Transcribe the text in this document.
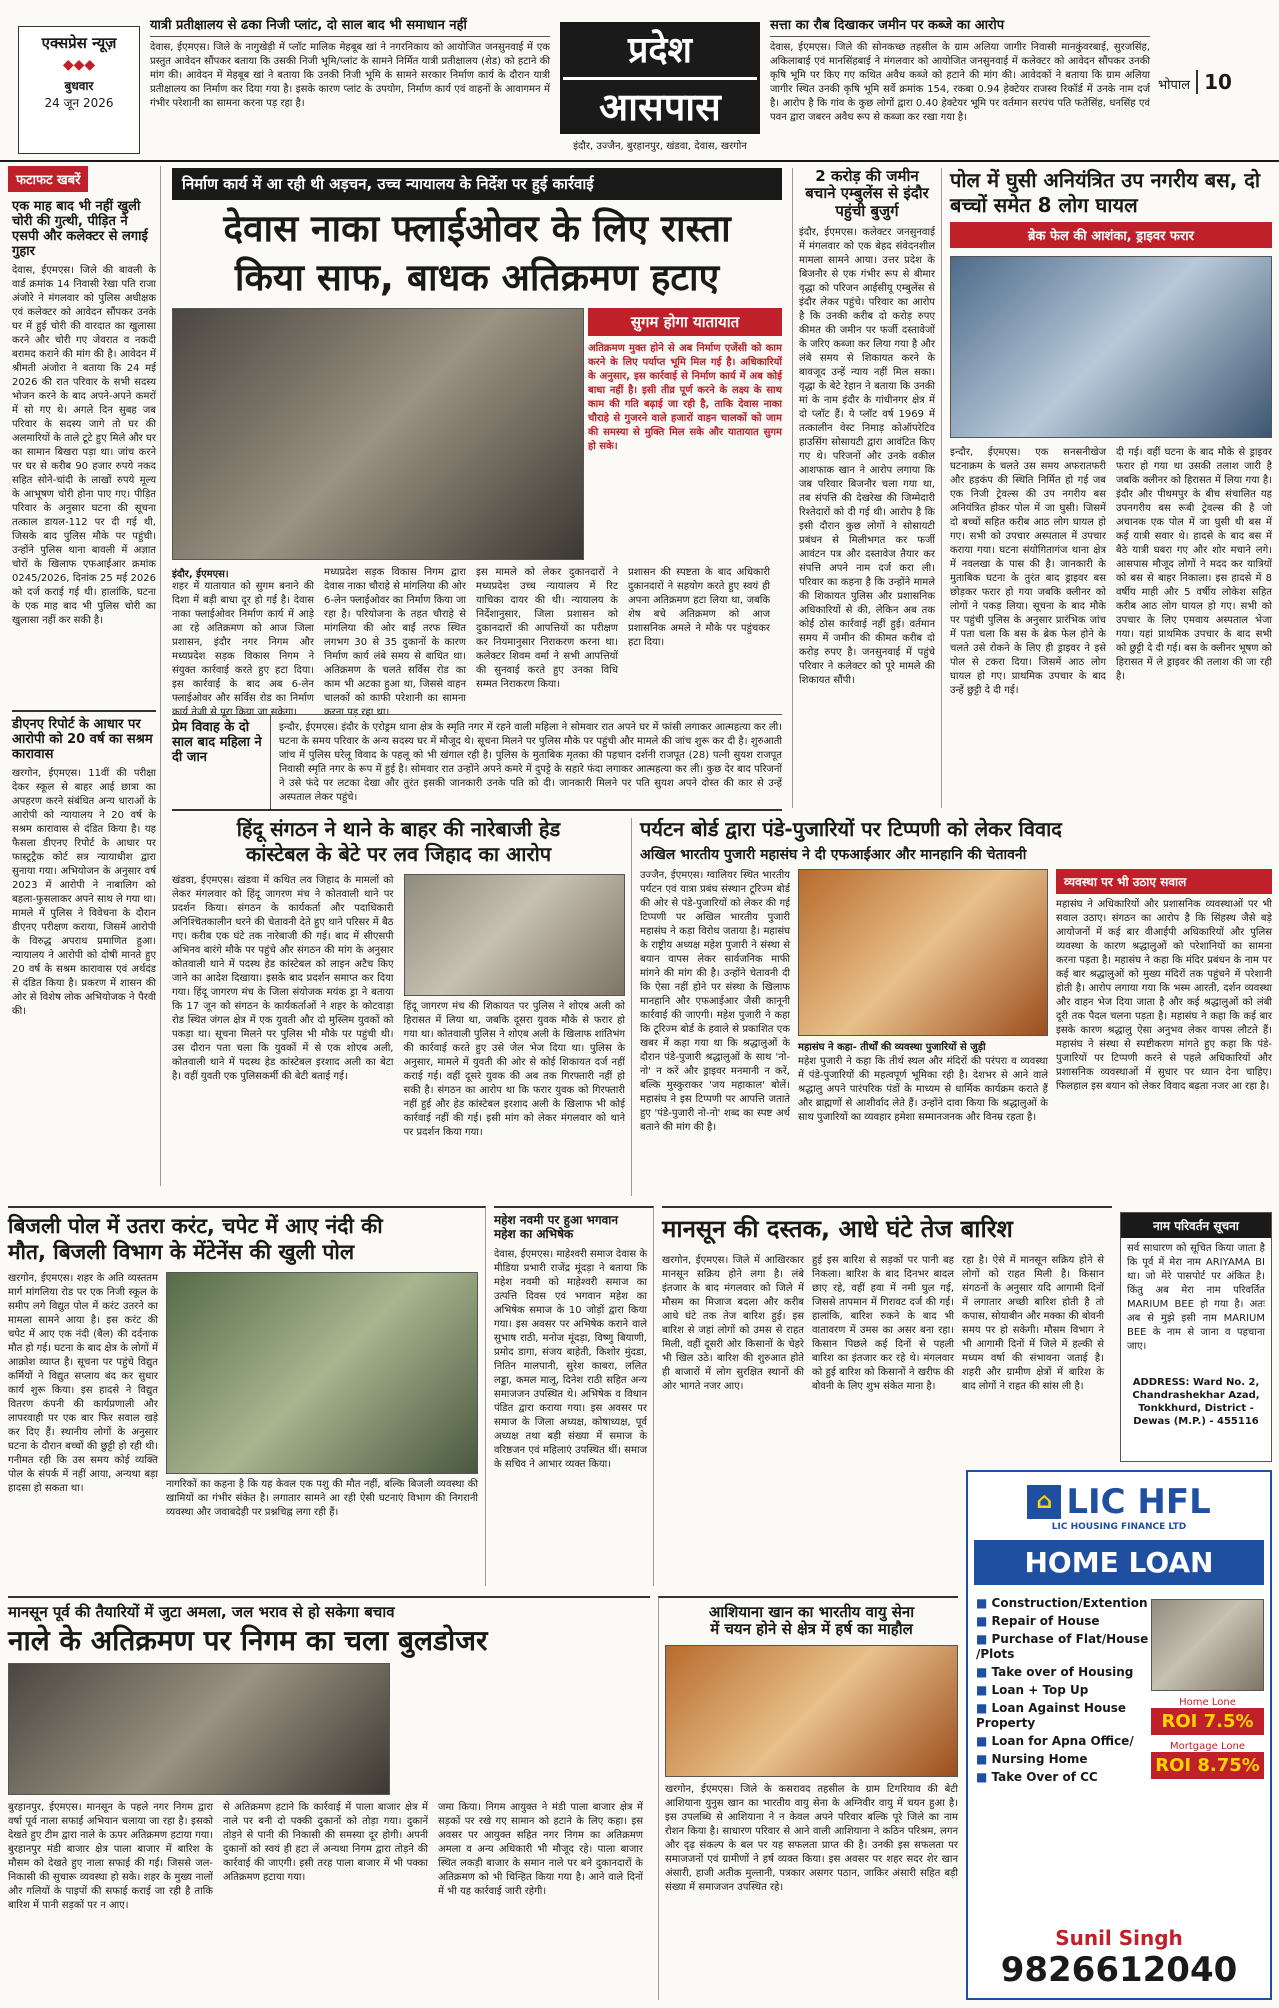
एक्सप्रेस न्यूज़
◆◆◆
बुधवार
24 जून 2026
यात्री प्रतीक्षालय से ढका निजी प्लांट, दो साल बाद भी समाधान नहीं
देवास, ईएमएस। जिले के नागुखेड़ी में प्लॉट मालिक मेहबूब खां ने नगरनिकाय को आयोजित जनसुनवाई में एक प्रस्तुत आवेदन सौंपकर बताया कि उसकी निजी भूमि/प्लांट के सामने निर्मित यात्री प्रतीक्षालय (शेड) को हटाने की मांग की। आवेदन में मेहबूब खां ने बताया कि उनकी निजी भूमि के सामने सरकार निर्माण कार्य के दौरान यात्री प्रतीक्षालय का निर्माण कर दिया गया है। इसके कारण प्लांट के उपयोग, निर्माण कार्य एवं वाहनों के आवागमन में गंभीर परेशानी का सामना करना पड़ रहा है।
प्रदेश
आसपास
इंदौर, उज्जैन, बुरहानपुर, खंडवा, देवास, खरगोन
सत्ता का रौब दिखाकर जमीन पर कब्जे का आरोप
देवास, ईएमएस। जिले की सोनकच्छ तहसील के ग्राम अलिया जागीर निवासी मानकुंवरबाई, सुरजसिंह, अकिलाबाई एवं मानसिंहबाई ने मंगलवार को आयोजित जनसुनवाई में कलेक्टर को आवेदन सौंपकर उनकी कृषि भूमि पर किए गए कथित अवैध कब्जे को हटाने की मांग की। आवेदकों ने बताया कि ग्राम अलिया जागीर स्थित उनकी कृषि भूमि सर्वे क्रमांक 154, रकबा 0.94 हेक्टेयर राजस्व रिकॉर्ड में उनके नाम दर्ज है। आरोप है कि गांव के कुछ लोगों द्वारा 0.40 हेक्टेयर भूमि पर वर्तमान सरपंच पति फतेसिंह, धनसिंह एवं पवन द्वारा जबरन अवैध रूप से कब्जा कर रखा गया है।
भोपाल 10
फटाफट खबरें
एक माह बाद भी नहीं खुली चोरी की गुत्थी, पीड़ित ने एसपी और कलेक्टर से लगाई गुहार
देवास, ईएमएस। जिले की बावली के वार्ड क्रमांक 14 निवासी रेखा पति राजा अंजोरे ने मंगलवार को पुलिस अधीक्षक एवं कलेक्टर को आवेदन सौंपकर उनके घर में हुई चोरी की वारदात का खुलासा करने और चोरी गए जेवरात व नकदी बरामद कराने की मांग की है। आवेदन में श्रीमती अंजोरा ने बताया कि 24 मई 2026 की रात परिवार के सभी सदस्य भोजन करने के बाद अपने-अपने कमरों में सो गए थे। अगले दिन सुबह जब परिवार के सदस्य जागे तो घर की अलमारियों के ताले टूटे हुए मिले और घर का सामान बिखरा पड़ा था। जांच करने पर घर से करीब 90 हजार रुपये नकद सहित सोने-चांदी के लाखों रुपये मूल्य के आभूषण चोरी होना पाए गए। पीड़ित परिवार के अनुसार घटना की सूचना तत्काल डायल-112 पर दी गई थी, जिसके बाद पुलिस मौके पर पहुंची। उन्होंने पुलिस थाना बावली में अज्ञात चोरों के खिलाफ एफआईआर क्रमांक 0245/2026, दिनांक 25 मई 2026 को दर्ज कराई गई थी। हालांकि, घटना के एक माह बाद भी पुलिस चोरी का खुलासा नहीं कर सकी है।
डीएनए रिपोर्ट के आधार पर आरोपी को 20 वर्ष का सश्रम कारावास
खरगोन, ईएमएस। 11वीं की परीक्षा देकर स्कूल से बाहर आई छात्रा का अपहरण करने संबंधित अन्य धाराओं के आरोपी को न्यायालय ने 20 वर्ष के सश्रम कारावास से दंडित किया है। यह फैसला डीएनए रिपोर्ट के आधार पर फास्ट्रट्रैक कोर्ट सत्र न्यायाधीश द्वारा सुनाया गया। अभियोजन के अनुसार वर्ष 2023 में आरोपी ने नाबालिग को बहला-फुसलाकर अपने साथ ले गया था। मामले में पुलिस ने विवेचना के दौरान डीएनए परीक्षण कराया, जिसमें आरोपी के विरुद्ध अपराध प्रमाणित हुआ। न्यायालय ने आरोपी को दोषी मानते हुए 20 वर्ष के सश्रम कारावास एवं अर्थदंड से दंडित किया है। प्रकरण में शासन की ओर से विशेष लोक अभियोजक ने पैरवी की।
निर्माण कार्य में आ रही थी अड़चन, उच्च न्यायालय के निर्देश पर हुई कार्रवाई
देवास नाका फ्लाईओवर के लिए रास्ता
किया साफ, बाधक अतिक्रमण हटाए
सुगम होगा यातायात
अतिक्रमण मुक्त होने से अब निर्माण एजेंसी को काम करने के लिए पर्याप्त भूमि मिल गई है। अधिकारियों के अनुसार, इस कार्रवाई से निर्माण कार्य में अब कोई बाधा नहीं है। इसी तीव्र पूर्ण करने के लक्ष्य के साथ काम की गति बढ़ाई जा रही है, ताकि देवास नाका चौराहे से गुजरने वाले हजारों वाहन चालकों को जाम की समस्या से मुक्ति मिल सके और यातायात सुगम हो सके।
इंदौर, ईएमएस।
शहर में यातायात को सुगम बनाने की दिशा में बड़ी बाधा दूर हो गई है। देवास नाका फ्लाईओवर निर्माण कार्य में आड़े आ रहे अतिक्रमण को आज जिला प्रशासन, इंदौर नगर निगम और मध्यप्रदेश सड़क विकास निगम ने संयुक्त कार्रवाई करते हुए हटा दिया। इस कार्रवाई के बाद अब 6-लेन फ्लाईओवर और सर्विस रोड का निर्माण कार्य तेजी से पूरा किया जा सकेगा।
मध्यप्रदेश सड़क विकास निगम द्वारा देवास नाका चौराहे से मांगलिया की ओर 6-लेन फ्लाईओवर का निर्माण किया जा रहा है। परियोजना के तहत चौराहे से मांगलिया की ओर बाईं तरफ स्थित लगभग 30 से 35 दुकानों के कारण निर्माण कार्य लंबे समय से बाधित था। अतिक्रमण के चलते सर्विस रोड का काम भी अटका हुआ था, जिससे वाहन चालकों को काफी परेशानी का सामना करना पड़ रहा था।
इस मामले को लेकर दुकानदारों ने मध्यप्रदेश उच्च न्यायालय में रिट याचिका दायर की थी। न्यायालय के निर्देशानुसार, जिला प्रशासन को दुकानदारों की आपत्तियों का परीक्षण कर नियमानुसार निराकरण करना था। कलेक्टर शिवम वर्मा ने सभी आपत्तियों की सुनवाई करते हुए उनका विधि सम्मत निराकरण किया।
प्रशासन की स्पष्टता के बाद अधिकारी दुकानदारों ने सहयोग करते हुए स्वयं ही अपना अतिक्रमण हटा लिया था, जबकि शेष बचे अतिक्रमण को आज प्रशासनिक अमले ने मौके पर पहुंचकर हटा दिया।
प्रेम विवाह के दो साल बाद महिला ने दी जान
इन्दौर, ईएमएस। इंदौर के एरोड्रम थाना क्षेत्र के स्मृति नगर में रहने वाली महिला ने सोमवार रात अपने घर में फांसी लगाकर आत्महत्या कर ली। घटना के समय परिवार के अन्य सदस्य घर में मौजूद थे। सूचना मिलने पर पुलिस मौके पर पहुंची और मामले की जांच शुरू कर दी है। शुरुआती जांच में पुलिस घरेलू विवाद के पहलू को भी खंगाल रही है। पुलिस के मुताबिक मृतका की पहचान दर्शनी राजपूत (28) पत्नी सुयश राजपूत निवासी स्मृति नगर के रूप में हुई है। सोमवार रात उन्होंने अपने कमरे में दुपट्टे के सहारे फंदा लगाकर आत्महत्या कर ली। कुछ देर बाद परिजनों ने उसे फंदे पर लटका देखा और तुरंत इसकी जानकारी उनके पति को दी। जानकारी मिलने पर पति सुयश अपने दोस्त की कार से उन्हें अस्पताल लेकर पहुंचे।
2 करोड़ की जमीन बचाने एम्बुलेंस से इंदौर पहुंची बुजुर्ग
इंदौर, ईएमएस। कलेक्टर जनसुनवाई में मंगलवार को एक बेहद संवेदनशील मामला सामने आया। उत्तर प्रदेश के बिजनौर से एक गंभीर रूप से बीमार वृद्धा को परिजन आईसीयू एम्बुलेंस से इंदौर लेकर पहुंचे। परिवार का आरोप है कि उनकी करीब दो करोड़ रुपए कीमत की जमीन पर फर्जी दस्तावेजों के जरिए कब्जा कर लिया गया है और लंबे समय से शिकायत करने के बावजूद उन्हें न्याय नहीं मिल सका। वृद्धा के बेटे रेहान ने बताया कि उनकी मां के नाम इंदौर के गांधीनगर क्षेत्र में दो प्लॉट हैं। ये प्लॉट वर्ष 1969 में तत्कालीन वेस्ट निमाड़ कोऑपरेटिव हाउसिंग सोसायटी द्वारा आवंटित किए गए थे। परिजनों और उनके वकील आशफाक खान ने आरोप लगाया कि जब परिवार बिजनौर चला गया था, तब संपत्ति की देखरेख की जिम्मेदारी रिश्तेदारों को दी गई थी। आरोप है कि इसी दौरान कुछ लोगों ने सोसायटी प्रबंधन से मिलीभगत कर फर्जी आवंटन पत्र और दस्तावेज तैयार कर संपत्ति अपने नाम दर्ज करा ली। परिवार का कहना है कि उन्होंने मामले की शिकायत पुलिस और प्रशासनिक अधिकारियों से की, लेकिन अब तक कोई ठोस कार्रवाई नहीं हुई। वर्तमान समय में जमीन की कीमत करीब दो करोड़ रुपए है। जनसुनवाई में पहुंचे परिवार ने कलेक्टर को पूरे मामले की शिकायत सौंपी।
पोल में घुसी अनियंत्रित उप नगरीय बस, दो बच्चों समेत 8 लोग घायल
ब्रेक फेल की आशंका, ड्राइवर फरार
इन्दौर, ईएमएस। एक सनसनीखेज घटनाक्रम के चलते उस समय अफरातफरी और हड़कंप की स्थिति निर्मित हो गई जब एक निजी ट्रेवल्स की उप नगरीय बस अनियंत्रित होकर पोल में जा घुसी। जिसमें दो बच्चों सहित करीब आठ लोग घायल हो गए। सभी को उपचार अस्पताल में उपचार कराया गया। घटना संयोगितागंज थाना क्षेत्र में नवलखा के पास की है। जानकारी के मुताबिक घटना के तुरंत बाद ड्राइवर बस छोड़कर फरार हो गया जबकि क्लीनर को लोगों ने पकड़ लिया। सूचना के बाद मौके पर पहुंची पुलिस के अनुसार प्रारंभिक जांच में पता चला कि बस के ब्रेक फेल होने के चलते उसे रोकने के लिए ही ड्राइवर ने इसे पोल से टकरा दिया। जिसमें आठ लोग घायल हो गए। प्राथमिक उपचार के बाद उन्हें छुट्टी दे दी गई।
दी गई। वहीं घटना के बाद मौके से ड्राइवर फरार हो गया था उसकी तलाश जारी है जबकि क्लीनर को हिरासत में लिया गया है। इंदौर और पीथमपुर के बीच संचालित यह उपनगरीय बस रूबी ट्रेवल्स की है जो अचानक एक पोल में जा घुसी थी बस में कई यात्री सवार थे। हादसे के बाद बस में बैठे यात्री घबरा गए और शोर मचाने लगे। आसपास मौजूद लोगों ने मदद कर यात्रियों को बस से बाहर निकाला। इस हादसे में 8 वर्षीय माही और 5 वर्षीय लोकेश सहित करीब आठ लोग घायल हो गए। सभी को उपचार के लिए एमवाय अस्पताल भेजा गया। यहां प्राथमिक उपचार के बाद सभी को छुट्टी दे दी गई। बस के क्लीनर भूषण को हिरासत में ले ड्राइवर की तलाश की जा रही है।
हिंदू संगठन ने थाने के बाहर की नारेबाजी हेड
कांस्टेबल के बेटे पर लव जिहाद का आरोप
खंडवा, ईएमएस। खंडवा में कथित लव जिहाद के मामलों को लेकर मंगलवार को हिंदू जागरण मंच ने कोतवाली थाने पर प्रदर्शन किया। संगठन के कार्यकर्ता और पदाधिकारी अनिश्चितकालीन धरने की चेतावनी देते हुए थाने परिसर में बैठ गए। करीब एक घंटे तक नारेबाजी की गई। बाद में सीएसपी अभिनव बारंगे मौके पर पहुंचे और संगठन की मांग के अनुसार कोतवाली थाने में पदस्थ हेड कांस्टेबल को लाइन अटैच किए जाने का आदेश दिखाया। इसके बाद प्रदर्शन समाप्त कर दिया गया। हिंदू जागरण मंच के जिला संयोजक मयंक ड्रा ने बताया कि 17 जून को संगठन के कार्यकर्ताओं ने शहर के कोटवाड़ा रोड स्थित जंगल क्षेत्र में एक युवती और दो मुस्लिम युवकों को पकड़ा था। सूचना मिलने पर पुलिस भी मौके पर पहुंची थी। उस दौरान पता चला कि युवकों में से एक शोएब अली, कोतवाली थाने में पदस्थ हेड कांस्टेबल इरशाद अली का बेटा है। वहीं युवती एक पुलिसकर्मी की बेटी बताई गई।
हिंदू जागरण मंच की शिकायत पर पुलिस ने शोएब अली को हिरासत में लिया था, जबकि दूसरा युवक मौके से फरार हो गया था। कोतवाली पुलिस ने शोएब अली के खिलाफ शांतिभंग की कार्रवाई करते हुए उसे जेल भेज दिया था। पुलिस के अनुसार, मामले में युवती की ओर से कोई शिकायत दर्ज नहीं कराई गई। वहीं दूसरे युवक की अब तक गिरफ्तारी नहीं हो सकी है। संगठन का आरोप था कि फरार युवक को गिरफ्तारी नहीं हुई और हेड कांस्टेबल इरशाद अली के खिलाफ भी कोई कार्रवाई नहीं की गई। इसी मांग को लेकर मंगलवार को थाने पर प्रदर्शन किया गया।
पर्यटन बोर्ड द्वारा पंडे-पुजारियों पर टिप्पणी को लेकर विवाद
अखिल भारतीय पुजारी महासंघ ने दी एफआईआर और मानहानि की चेतावनी
उज्जैन, ईएमएस। ग्वालियर स्थित भारतीय पर्यटन एवं यात्रा प्रबंध संस्थान टूरिज्म बोर्ड की ओर से पंडे-पुजारियों को लेकर की गई टिप्पणी पर अखिल भारतीय पुजारी महासंघ ने कड़ा विरोध जताया है। महासंघ के राष्ट्रीय अध्यक्ष महेश पुजारी ने संस्था से बयान वापस लेकर सार्वजनिक माफी मांगने की मांग की है। उन्होंने चेतावनी दी कि ऐसा नहीं होने पर संस्था के खिलाफ मानहानि और एफआईआर जैसी कानूनी कार्रवाई की जाएगी। महेश पुजारी ने कहा कि टूरिज्म बोर्ड के हवाले से प्रकाशित एक खबर में कहा गया था कि श्रद्धालुओं के दौरान पंडे-पुजारी श्रद्धालुओं के साथ 'नो-नो' न करें और ड्राइवर मनमानी न करें, बल्कि मुस्कुराकर 'जय महाकाल' बोलें। महासंघ ने इस टिप्पणी पर आपत्ति जताते हुए 'पंडे-पुजारी नो-नो' शब्द का स्पष्ट अर्थ बताने की मांग की है।
महासंघ ने कहा- तीर्थों की व्यवस्था पुजारियों से जुड़ी
महेश पुजारी ने कहा कि तीर्थ स्थल और मंदिरों की परंपरा व व्यवस्था में पंडे-पुजारियों की महत्वपूर्ण भूमिका रही है। देशभर से आने वाले श्रद्धालु अपने पारंपरिक पंडों के माध्यम से धार्मिक कार्यक्रम कराते हैं और ब्राह्मणों से आशीर्वाद लेते हैं। उन्होंने दावा किया कि श्रद्धालुओं के साथ पुजारियों का व्यवहार हमेशा सम्मानजनक और विनम्र रहता है।
व्यवस्था पर भी उठाए सवाल
महासंघ ने अधिकारियों और प्रशासनिक व्यवस्थाओं पर भी सवाल उठाए। संगठन का आरोप है कि सिंहस्थ जैसे बड़े आयोजनों में कई बार वीआईपी अधिकारियों और पुलिस व्यवस्था के कारण श्रद्धालुओं को परेशानियों का सामना करना पड़ता है। महासंघ ने कहा कि मंदिर प्रबंधन के नाम पर कई बार श्रद्धालुओं को मुख्य मंदिरों तक पहुंचने में परेशानी होती है। आरोप लगाया गया कि भस्म आरती, दर्शन व्यवस्था और वाहन भेज दिया जाता है और कई श्रद्धालुओं को लंबी दूरी तक पैदल चलना पड़ता है। महासंघ ने कहा कि कई बार इसके कारण श्रद्धालु ऐसा अनुभव लेकर वापस लौटते हैं। महासंघ ने संस्था से स्पष्टीकरण मांगते हुए कहा कि पंडे-पुजारियों पर टिप्पणी करने से पहले अधिकारियों और प्रशासनिक व्यवस्थाओं में सुधार पर ध्यान देना चाहिए। फिलहाल इस बयान को लेकर विवाद बढ़ता नजर आ रहा है।
बिजली पोल में उतरा करंट, चपेट में आए नंदी की
मौत, बिजली विभाग के मेंटेनेंस की खुली पोल
खरगोन, ईएमएस। शहर के अति व्यस्ततम मार्ग मांगलिया रोड पर एक निजी स्कूल के समीप लगे विद्युत पोल में करंट उतरने का मामला सामने आया है। इस करंट की चपेट में आए एक नंदी (बैल) की दर्दनाक मौत हो गई। घटना के बाद क्षेत्र के लोगों में आक्रोश व्याप्त है। सूचना पर पहुंचे विद्युत कर्मियों ने विद्युत सप्लाय बंद कर सुधार कार्य शुरू किया। इस हादसे ने विद्युत वितरण कंपनी की कार्यप्रणाली और लापरवाही पर एक बार फिर सवाल खड़े कर दिए हैं। स्थानीय लोगों के अनुसार घटना के दौरान बच्चों की छुट्टी हो रही थी। गनीमत रही कि उस समय कोई व्यक्ति पोल के संपर्क में नहीं आया, अन्यथा बड़ा हादसा हो सकता था।	नागरिकों का कहना है कि यह केवल एक पशु की मौत नहीं, बल्कि बिजली व्यवस्था की खामियों का गंभीर संकेत है। लगातार सामने आ रही ऐसी घटनाएं विभाग की निगरानी व्यवस्था और जवाबदेही पर प्रश्नचिह्न लगा रही हैं।
महेश नवमी पर हुआ भगवान
महेश का अभिषेक
देवास, ईएमएस। माहेश्वरी समाज देवास के मीडिया प्रभारी राजेंद्र मूंदड़ा ने बताया कि महेश नवमी को माहेश्वरी समाज का उत्पत्ति दिवस एवं भगवान महेश का अभिषेक समाज के 10 जोड़ों द्वारा किया गया। इस अवसर पर अभिषेक कराने वाले सुभाष राठी, मनोज मूंदड़ा, विष्णु बियाणी, प्रमोद डागा, संजय बाहेती, किशोर मुंदडा, नितिन मालपानी, सुरेश काबरा, ललित लड्डा, कमल मालू, दिनेश राठी सहित अन्य समाजजन उपस्थित थे। अभिषेक व विधान पंडित द्वारा कराया गया। इस अवसर पर समाज के जिला अध्यक्ष, कोषाध्यक्ष, पूर्व अध्यक्ष तथा बड़ी संख्या में समाज के वरिष्ठजन एवं महिलाएं उपस्थित थीं। समाज के सचिव ने आभार व्यक्त किया।
मानसून की दस्तक, आधे घंटे तेज बारिश
खरगोन, ईएमएस। जिले में आखिरकार मानसून सक्रिय होने लगा है। लंबे इंतजार के बाद मंगलवार को जिले में मौसम का मिजाज बदला और करीब आधे घंटे तक तेज बारिश हुई। इस बारिश से जहां लोगों को उमस से राहत मिली, वहीं दूसरी ओर किसानों के चेहरे भी खिल उठे। बारिश की शुरुआत होते ही बाजारों में लोग सुरक्षित स्थानों की ओर भागते नजर आए।
हुई इस बारिश से सड़कों पर पानी बह निकला। बारिश के बाद दिनभर बादल छाए रहे, वहीं हवा में नमी घुल गई, जिससे तापमान में गिरावट दर्ज की गई। हालांकि, बारिश रुकने के बाद भी वातावरण में उमस का असर बना रहा। किसान पिछले कई दिनों से पहली बारिश का इंतजार कर रहे थे। मंगलवार को हुई बारिश को किसानों ने खरीफ की बोवनी के लिए शुभ संकेत माना है।
रहा है। ऐसे में मानसून सक्रिय होने से लोगों को राहत मिली है। किसान संगठनों के अनुसार यदि आगामी दिनों में लगातार अच्छी बारिश होती है तो कपास, सोयाबीन और मक्का की बोवनी समय पर हो सकेगी। मौसम विभाग ने भी आगामी दिनों में जिले में हल्की से मध्यम वर्षा की संभावना जताई है। शहरी और ग्रामीण क्षेत्रों में बारिश के बाद लोगों ने राहत की सांस ली है।
नाम परिवर्तन सूचना
सर्व साधारण को सूचित किया जाता है कि पूर्व में मेरा नाम ARIYAMA BI था। जो मेरे पासपोर्ट पर अंकित है। किंतु अब मेरा नाम परिवर्तित MARIUM BEE हो गया है। अतः अब से मुझे इसी नाम MARIUM BEE के नाम से जाना व पहचाना जाए।
ADDRESS: Ward No. 2, Chandrashekhar Azad, Tonkkhurd, District - Dewas (M.P.) - 455116
मानसून पूर्व की तैयारियों में जुटा अमला, जल भराव से हो सकेगा बचाव
नाले के अतिक्रमण पर निगम का चला बुलडोजर
बुरहानपुर, ईएमएस। मानसून के पहले नगर निगम द्वारा वर्षा पूर्व नाला सफाई अभियान चलाया जा रहा है। इसको देखते हुए टीम द्वारा नाले के ऊपर अतिक्रमण हटाया गया। बुरहानपुर मंडी बाजार क्षेत्र पाला बाजार में बारिश के मौसम को देखते हुए नाला सफाई की गई। जिससे जल-निकासी की सुचारू व्यवस्था हो सके। शहर के मुख्य नालों और गलियों के पाइपों की सफाई कराई जा रही है ताकि बारिश में पानी सड़कों पर न आए।
से अतिक्रमण हटाने कि कार्रवाई में पाला बाजार क्षेत्र में नाले पर बनी दो पक्की दुकानों को तोड़ा गया। दुकानें तोड़ने से पानी की निकासी की समस्या दूर होगी। अपनी दुकानों को स्वयं ही हटा लें अन्यथा निगम द्वारा तोड़ने की कार्रवाई की जाएगी। इसी तरह पाला बाजार में भी पक्का अतिक्रमण हटाया गया।
जमा किया। निगम आयुक्त ने मंडी पाला बाजार क्षेत्र में सड़कों पर रखे गए सामान को हटाने के लिए कहा। इस अवसर पर आयुक्त सहित नगर निगम का अतिक्रमण अमला व अन्य अधिकारी भी मौजूद रहे। पाला बाजार स्थित लकड़ी बाजार के समान नाले पर बने दुकानदारों के अतिक्रमण को भी चिन्हित किया गया है। आने वाले दिनों में भी यह कार्रवाई जारी रहेगी।
आशियाना खान का भारतीय वायु सेना
में चयन होने से क्षेत्र में हर्ष का माहौल
खरगोन, ईएमएस। जिले के कसरावद तहसील के ग्राम टिगरियाव की बेटी आशियाना युनुस खान का भारतीय वायु सेना के अग्निवीर वायु में चयन हुआ है। इस उपलब्धि से आशियाना ने न केवल अपने परिवार बल्कि पूरे जिले का नाम रोशन किया है। साधारण परिवार से आने वाली आशियाना ने कठिन परिश्रम, लगन और दृढ़ संकल्प के बल पर यह सफलता प्राप्त की है। उनकी इस सफलता पर समाजजनों एवं ग्रामीणों ने हर्ष व्यक्त किया। इस अवसर पर शहर सदर शेर खान अंसारी, हाजी अतीक मुल्तानी, पत्रकार असगर पठान, जाकिर अंसारी सहित बड़ी संख्या में समाजजन उपस्थित रहे।
⌂ LIC HFL
LIC HOUSING FINANCE LTD
HOME LOAN
■ Construction/Extention
■ Repair of House
■ Purchase of Flat/House /Plots
■ Take over of Housing
■ Loan + Top Up
■ Loan Against House Property
■ Loan for Apna Office/
■ Nursing Home
■ Take Over of CC
Home Lone
ROI 7.5%
Mortgage Lone
ROI 8.75%
Sunil Singh
9826612040
